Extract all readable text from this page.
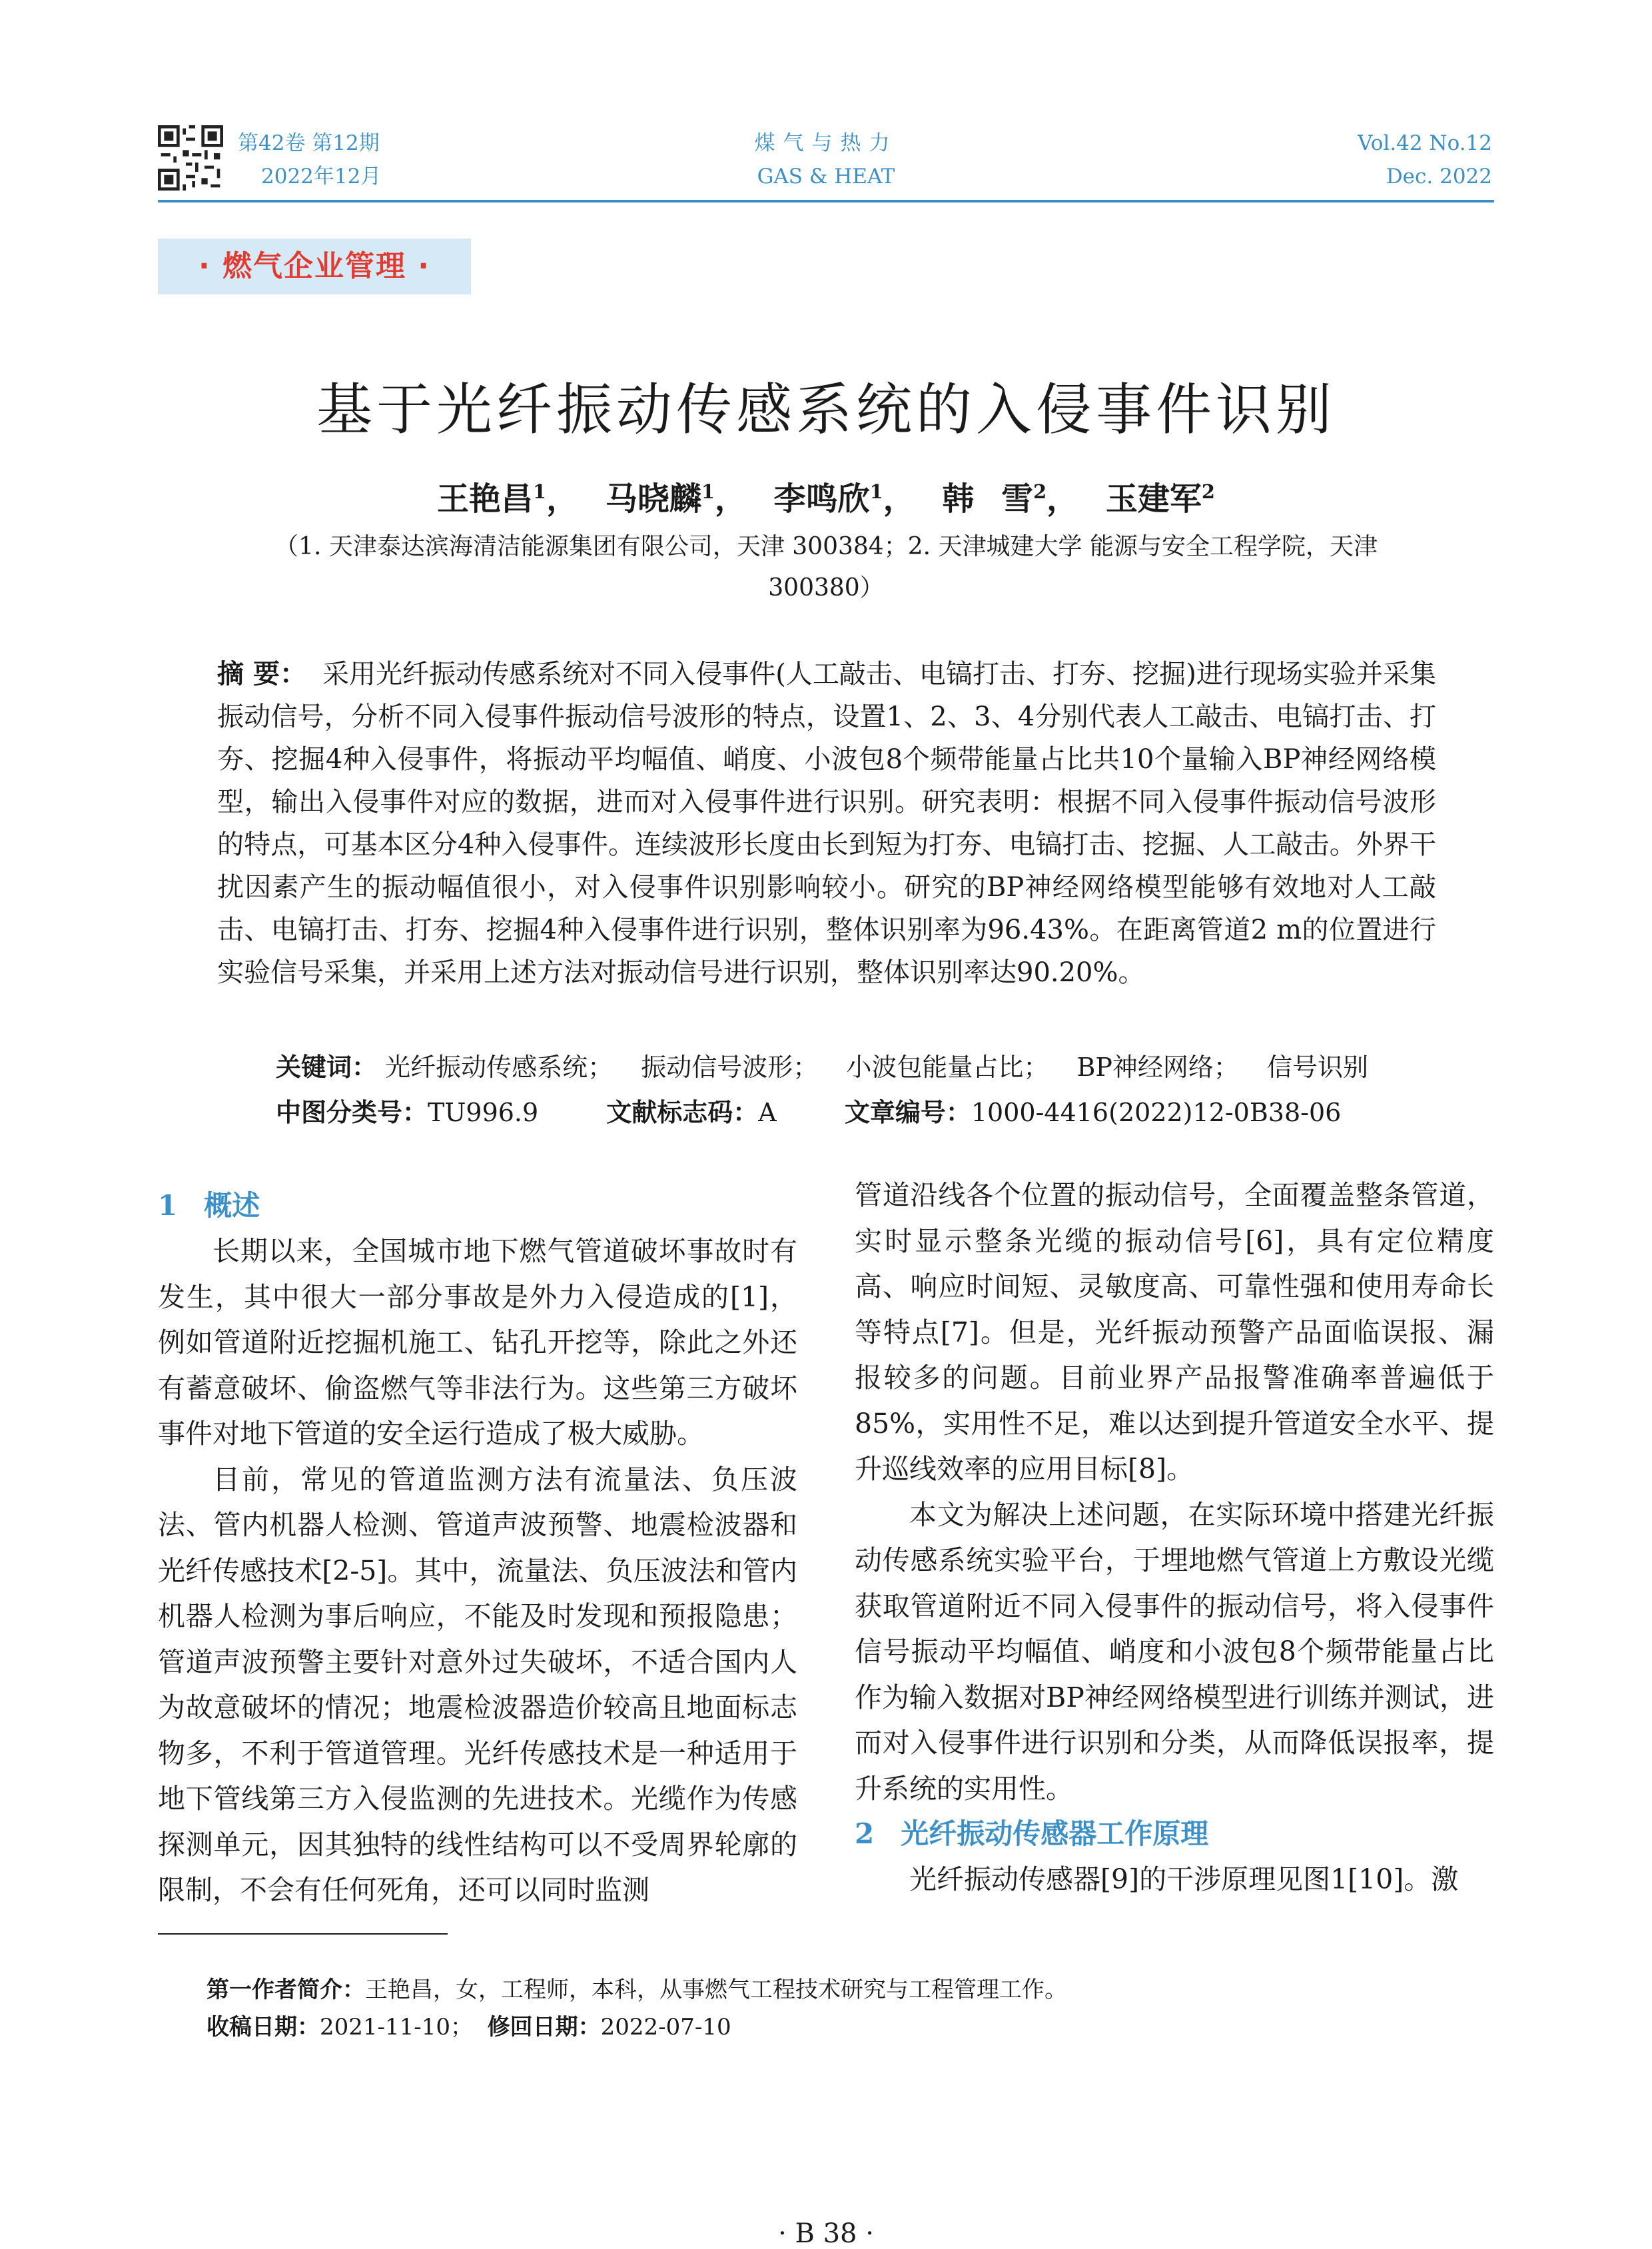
第42卷 第12期
2022年12月
煤气与热力
GAS & HEAT
Vol.42 No.12
Dec. 2022
· 燃气企业管理 ·
基于光纤振动传感系统的入侵事件识别
王艳昌$^1$， 马晓麟$^1$， 李鸣欣$^1$， 韩 雪$^2$， 玉建军$^2$
（1. 天津泰达滨海清洁能源集团有限公司，天津 300384；2. 天津城建大学 能源与安全工程学院，天津 300380）
摘 要： 采用光纤振动传感系统对不同入侵事件(人工敲击、电镐打击、打夯、挖掘)进行现场实验并采集振动信号，分析不同入侵事件振动信号波形的特点，设置1、2、3、4分别代表人工敲击、电镐打击、打夯、挖掘4种入侵事件，将振动平均幅值、峭度、小波包8个频带能量占比共10个量输入BP神经网络模型，输出入侵事件对应的数据，进而对入侵事件进行识别。研究表明：根据不同入侵事件振动信号波形的特点，可基本区分4种入侵事件。连续波形长度由长到短为打夯、电镐打击、挖掘、人工敲击。外界干扰因素产生的振动幅值很小，对入侵事件识别影响较小。研究的BP神经网络模型能够有效地对人工敲击、电镐打击、打夯、挖掘4种入侵事件进行识别，整体识别率为96.43%。在距离管道2 m的位置进行实验信号采集，并采用上述方法对振动信号进行识别，整体识别率达90.20%。
关键词： 光纤振动传感系统； 振动信号波形； 小波包能量占比； BP神经网络； 信号识别
中图分类号：TU996.9	文献标志码：A	文章编号：1000-4416(2022)12-0B38-06
1 概述

长期以来，全国城市地下燃气管道破坏事故时有发生，其中很大一部分事故是外力入侵造成的[1]，例如管道附近挖掘机施工、钻孔开挖等，除此之外还有蓄意破坏、偷盗燃气等非法行为。这些第三方破坏事件对地下管道的安全运行造成了极大威胁。

目前，常见的管道监测方法有流量法、负压波法、管内机器人检测、管道声波预警、地震检波器和光纤传感技术[2-5]。其中，流量法、负压波法和管内机器人检测为事后响应，不能及时发现和预报隐患；管道声波预警主要针对意外过失破坏，不适合国内人为故意破坏的情况；地震检波器造价较高且地面标志物多，不利于管道管理。光纤传感技术是一种适用于地下管线第三方入侵监测的先进技术。光缆作为传感探测单元，因其独特的线性结构可以不受周界轮廓的限制，不会有任何死角，还可以同时监测

管道沿线各个位置的振动信号，全面覆盖整条管道，实时显示整条光缆的振动信号[6]，具有定位精度高、响应时间短、灵敏度高、可靠性强和使用寿命长等特点[7]。但是，光纤振动预警产品面临误报、漏报较多的问题。目前业界产品报警准确率普遍低于85%，实用性不足，难以达到提升管道安全水平、提升巡线效率的应用目标[8]。

本文为解决上述问题，在实际环境中搭建光纤振动传感系统实验平台，于埋地燃气管道上方敷设光缆获取管道附近不同入侵事件的振动信号，将入侵事件信号振动平均幅值、峭度和小波包8个频带能量占比作为输入数据对BP神经网络模型进行训练并测试，进而对入侵事件进行识别和分类，从而降低误报率，提升系统的实用性。

2 光纤振动传感器工作原理

光纤振动传感器[9]的干涉原理见图1[10]。激

第一作者简介：王艳昌，女，工程师，本科，从事燃气工程技术研究与工程管理工作。
收稿日期：2021-11-10； 修回日期：2022-07-10
· B 38 ·
